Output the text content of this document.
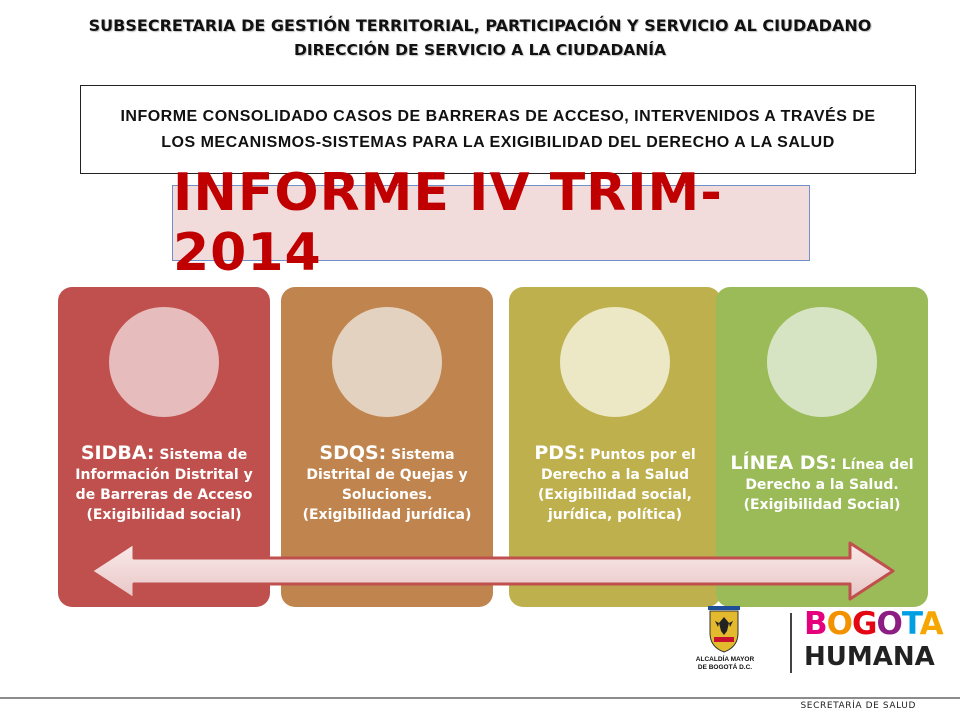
SUBSECRETARIA DE GESTIÓN TERRITORIAL, PARTICIPACIÓN Y SERVICIO AL CIUDADANO
DIRECCIÓN DE SERVICIO A LA CIUDADANÍA
INFORME CONSOLIDADO CASOS DE BARRERAS DE ACCESO, INTERVENIDOS A TRAVÉS DE LOS MECANISMOS-SISTEMAS PARA LA EXIGIBILIDAD DEL DERECHO A LA SALUD
INFORME IV TRIM-2014
SIDBA: Sistema de Información Distrital y de Barreras de Acceso (Exigibilidad social)
SDQS: Sistema Distrital de Quejas y Soluciones. (Exigibilidad jurídica)
PDS: Puntos por el Derecho a la Salud (Exigibilidad social, jurídica, política)
LÍNEA DS: Línea del Derecho a la Salud. (Exigibilidad Social)
ALCALDÍA MAYOR
DE BOGOTÁ D.C.
BOGOTA
HUMANA
SECRETARÍA DE SALUD
